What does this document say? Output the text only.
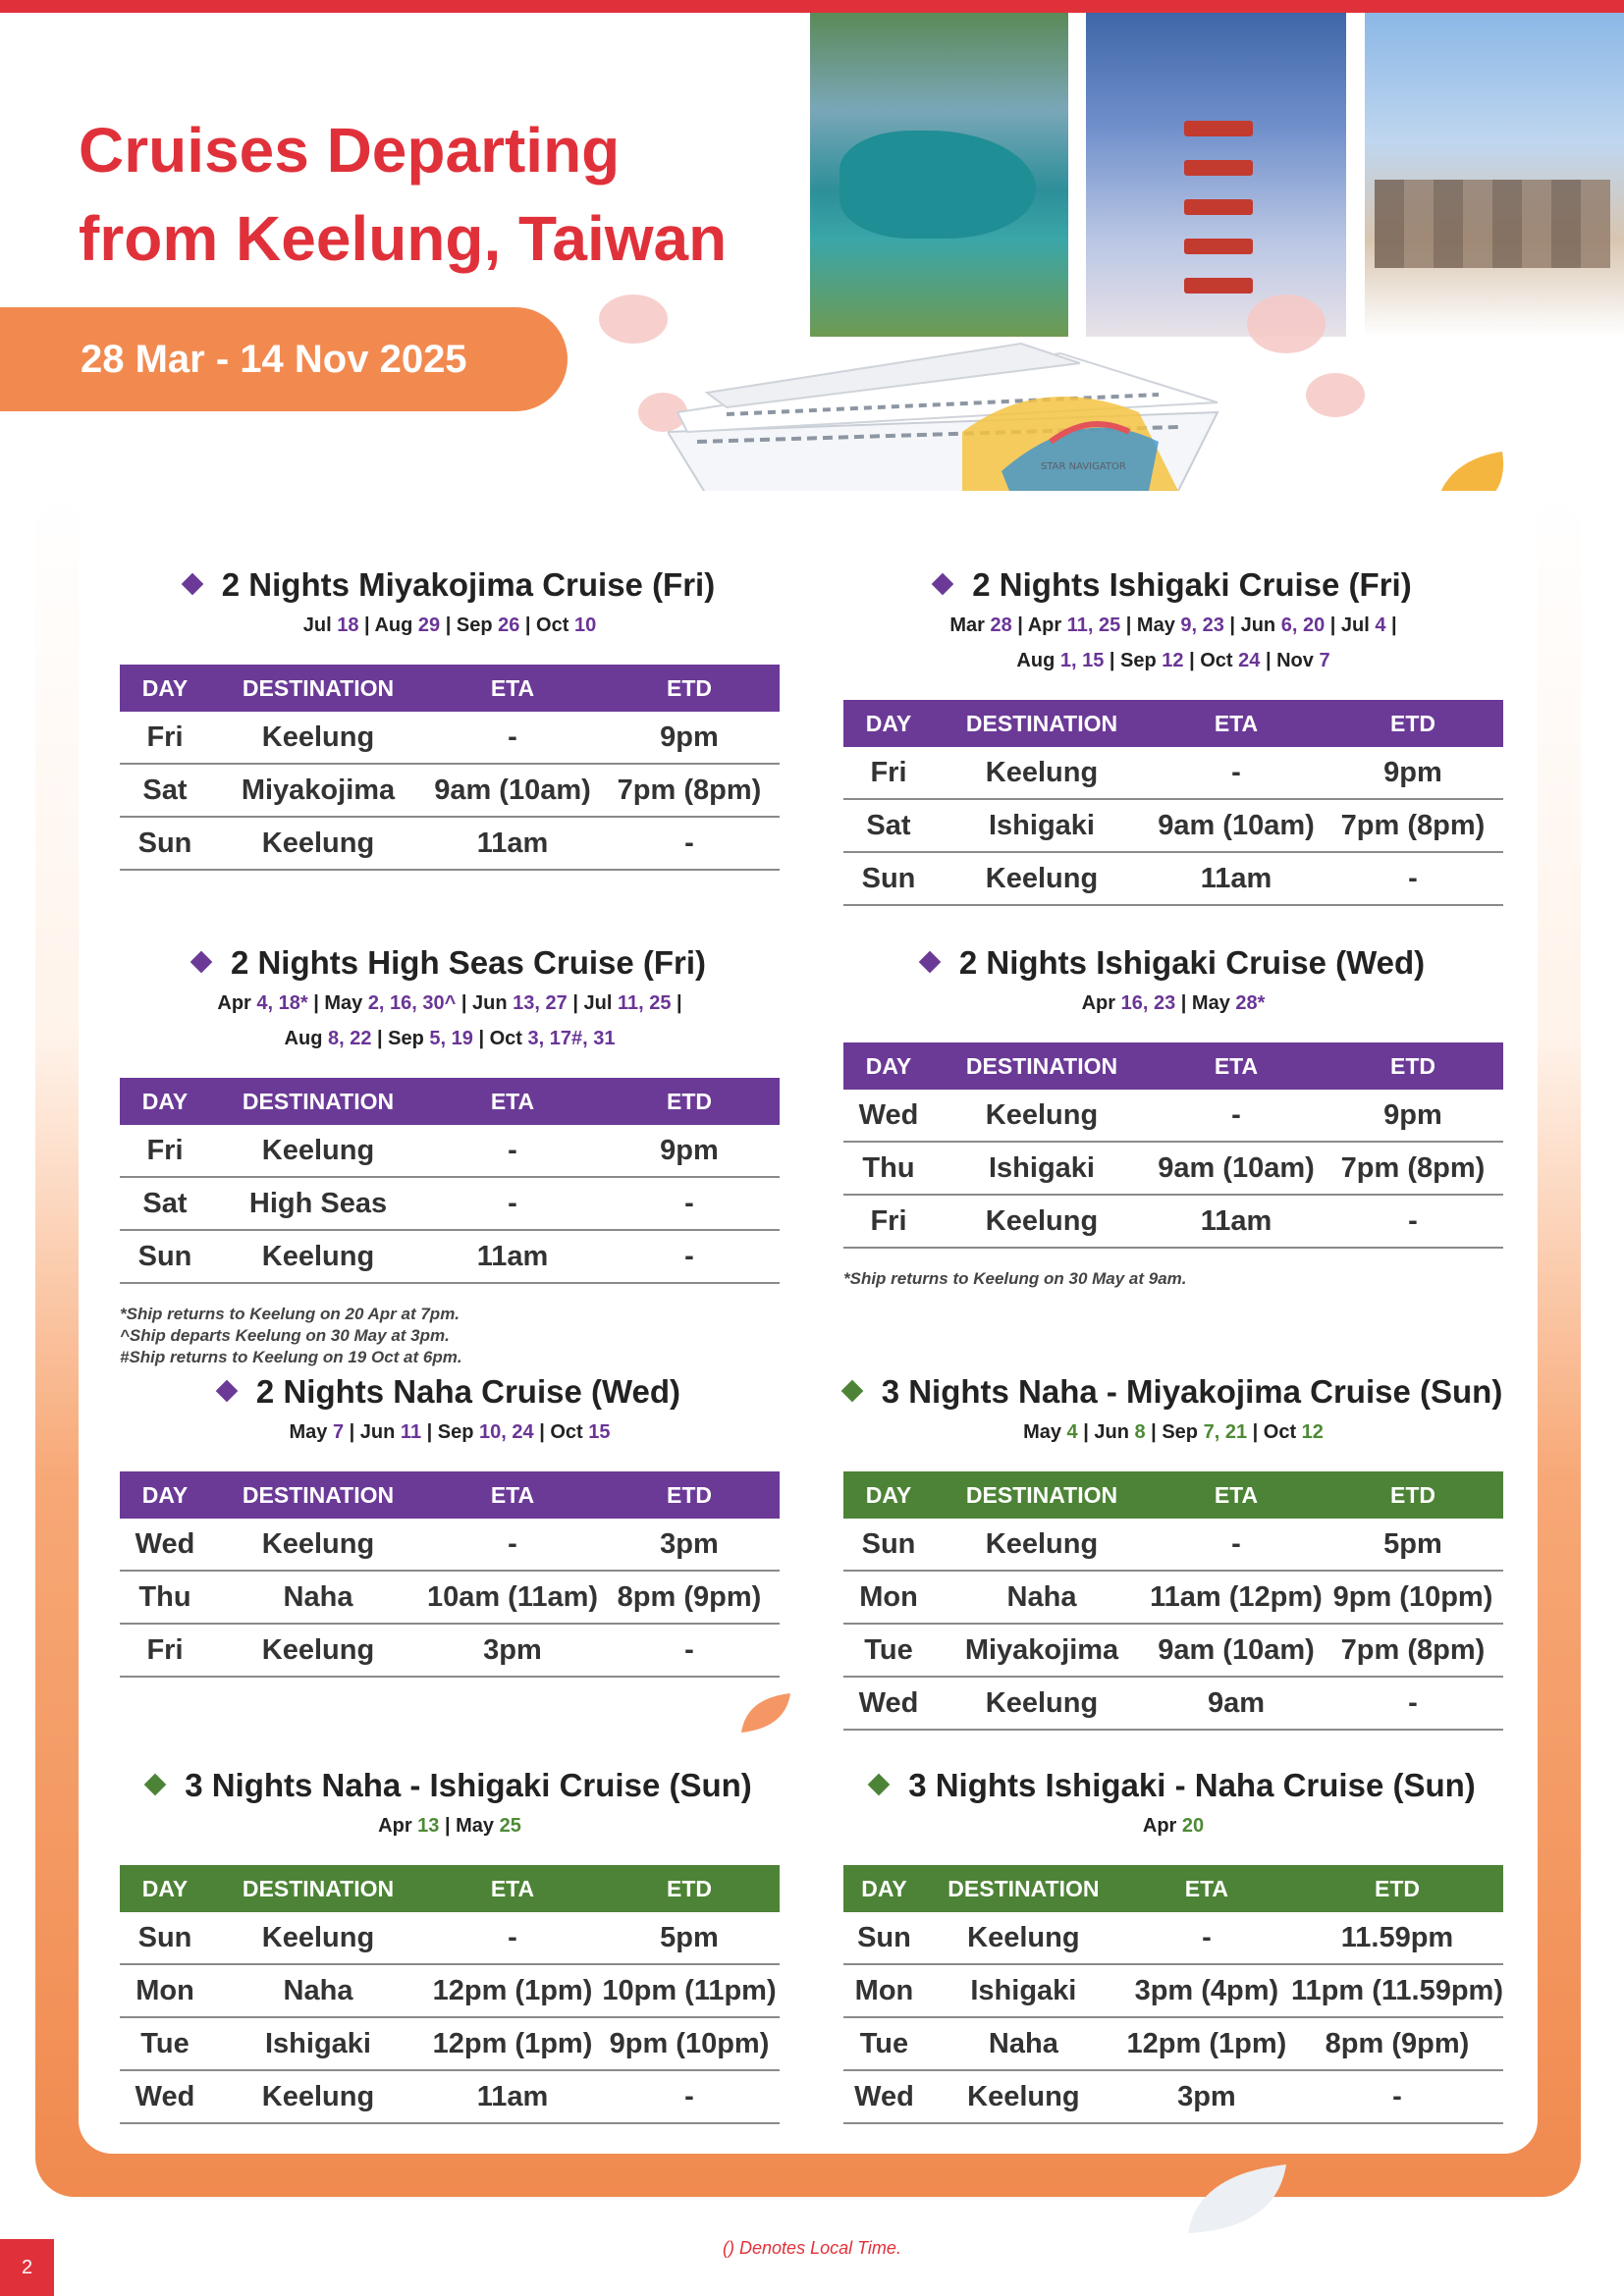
STAR NAVIGATOR
Cruises Departing
from Keelung, Taiwan
28 Mar - 14 Nov 2025
2 Nights Miyakojima Cruise (Fri)

Jul 18 | Aug 29 | Sep 26 | Oct 10

DAY	DESTINATION	ETA	ETD
Fri	Keelung	-	9pm
Sat	Miyakojima	9am (10am)	7pm (8pm)
Sun	Keelung	11am	-
2 Nights Ishigaki Cruise (Fri)

Mar 28 | Apr 11, 25 | May 9, 23 | Jun 6, 20 | Jul 4 |

Aug 1, 15 | Sep 12 | Oct 24 | Nov 7

DAY	DESTINATION	ETA	ETD
Fri	Keelung	-	9pm
Sat	Ishigaki	9am (10am)	7pm (8pm)
Sun	Keelung	11am	-
2 Nights High Seas Cruise (Fri)

Apr 4, 18* | May 2, 16, 30^ | Jun 13, 27 | Jul 11, 25 |

Aug 8, 22 | Sep 5, 19 | Oct 3, 17#, 31

DAY	DESTINATION	ETA	ETD
Fri	Keelung	-	9pm
Sat	High Seas	-	-
Sun	Keelung	11am	-
*Ship returns to Keelung on 20 Apr at 7pm.
^Ship departs Keelung on 30 May at 3pm.
#Ship returns to Keelung on 19 Oct at 6pm.
2 Nights Ishigaki Cruise (Wed)

Apr 16, 23 | May 28*

DAY	DESTINATION	ETA	ETD
Wed	Keelung	-	9pm
Thu	Ishigaki	9am (10am)	7pm (8pm)
Fri	Keelung	11am	-
*Ship returns to Keelung on 30 May at 9am.
2 Nights Naha Cruise (Wed)

May 7 | Jun 11 | Sep 10, 24 | Oct 15

DAY	DESTINATION	ETA	ETD
Wed	Keelung	-	3pm
Thu	Naha	10am (11am)	8pm (9pm)
Fri	Keelung	3pm	-
3 Nights Naha - Miyakojima Cruise (Sun)

May 4 | Jun 8 | Sep 7, 21 | Oct 12

DAY	DESTINATION	ETA	ETD
Sun	Keelung	-	5pm
Mon	Naha	11am (12pm)	9pm (10pm)
Tue	Miyakojima	9am (10am)	7pm (8pm)
Wed	Keelung	9am	-
3 Nights Naha - Ishigaki Cruise (Sun)

Apr 13 | May 25

DAY	DESTINATION	ETA	ETD
Sun	Keelung	-	5pm
Mon	Naha	12pm (1pm)	10pm (11pm)
Tue	Ishigaki	12pm (1pm)	9pm (10pm)
Wed	Keelung	11am	-
3 Nights Ishigaki - Naha Cruise (Sun)

Apr 20

DAY	DESTINATION	ETA	ETD
Sun	Keelung	-	11.59pm
Mon	Ishigaki	3pm (4pm)	11pm (11.59pm)
Tue	Naha	12pm (1pm)	8pm (9pm)
Wed	Keelung	3pm	-
() Denotes Local Time.
2
